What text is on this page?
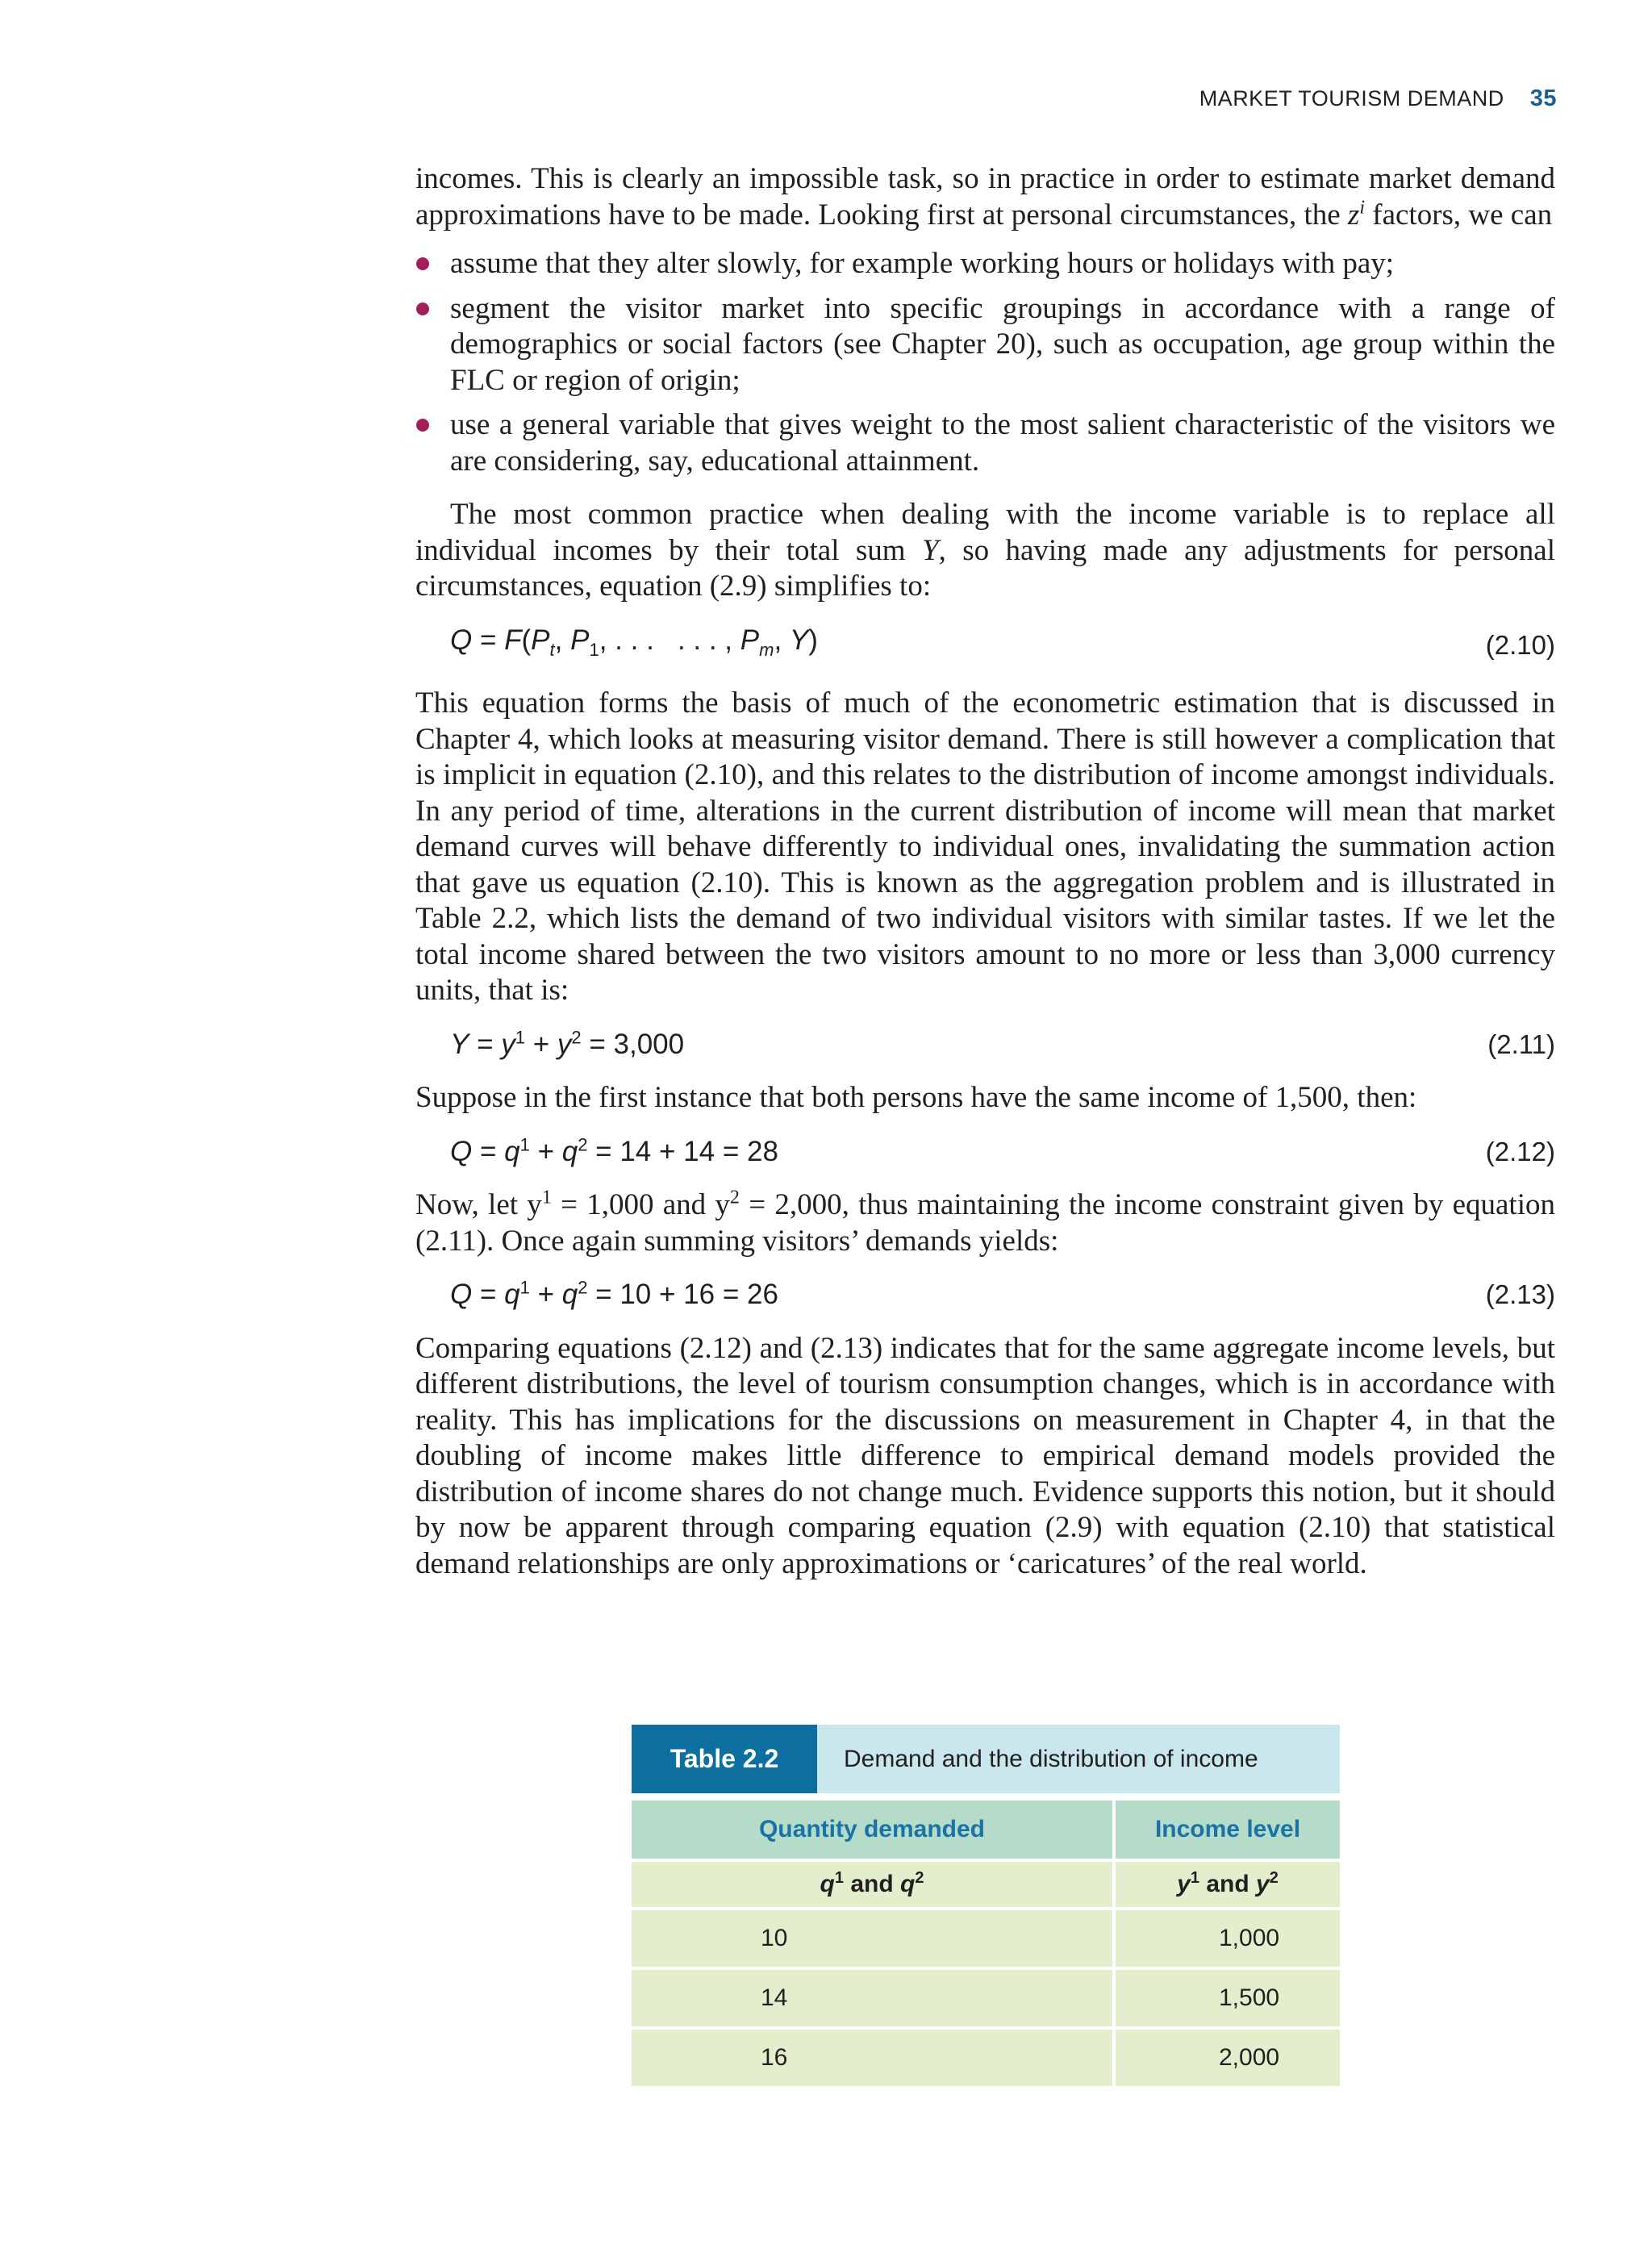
MARKET TOURISM DEMAND 35

incomes. This is clearly an impossible task, so in practice in order to estimate market demand approximations have to be made. Looking first at personal circumstances, the $z^i$ factors, we can

assume that they alter slowly, for example working hours or holidays with pay;
segment the visitor market into specific groupings in accordance with a range of demographics or social factors (see Chapter 20), such as occupation, age group within the FLC or region of origin;
use a general variable that gives weight to the most salient characteristic of the visitors we are considering, say, educational attainment.

The most common practice when dealing with the income variable is to replace all individual incomes by their total sum Y, so having made any adjustments for personal circumstances, equation (2.9) simplifies to:

$Q = F(P_t$, $P_1$, . . .   . . . , $P_m$, Y)	(2.10)

This equation forms the basis of much of the econometric estimation that is discussed in Chapter 4, which looks at measuring visitor demand. There is still however a complication that is implicit in equation (2.10), and this relates to the distribution of income amongst individuals. In any period of time, alterations in the current distribution of income will mean that market demand curves will behave differently to individual ones, invalidating the summation action that gave us equation (2.10). This is known as the aggregation problem and is illustrated in Table 2.2, which lists the demand of two individual visitors with similar tastes. If we let the total income shared between the two visitors amount to no more or less than 3,000 currency units, that is:

$Y = y^1 + y^2 = 3,000$	(2.11)

Suppose in the first instance that both persons have the same income of 1,500, then:

$Q = q^1 + q^2 = 14 + 14 = 28$	(2.12)

Now, let $y^1 = 1,000$ and $y^2 = 2,000$, thus maintaining the income constraint given by equation (2.11). Once again summing visitors’ demands yields:

$Q = q^1 + q^2 = 10 + 16 = 26$	(2.13)

Comparing equations (2.12) and (2.13) indicates that for the same aggregate income levels, but different distributions, the level of tourism consumption changes, which is in accordance with reality. This has implications for the discussions on measurement in Chapter 4, in that the doubling of income makes little difference to empirical demand models provided the distribution of income shares do not change much. Evidence supports this notion, but it should by now be apparent through comparing equation (2.9) with equation (2.10) that statistical demand relationships are only approximations or ‘caricatures’ of the real world.

Table 2.2	Demand and the distribution of income
Quantity demanded	Income level
$q^1$ and $q^2$	$y^1$ and $y^2$
10	1,000
14	1,500
16	2,000
